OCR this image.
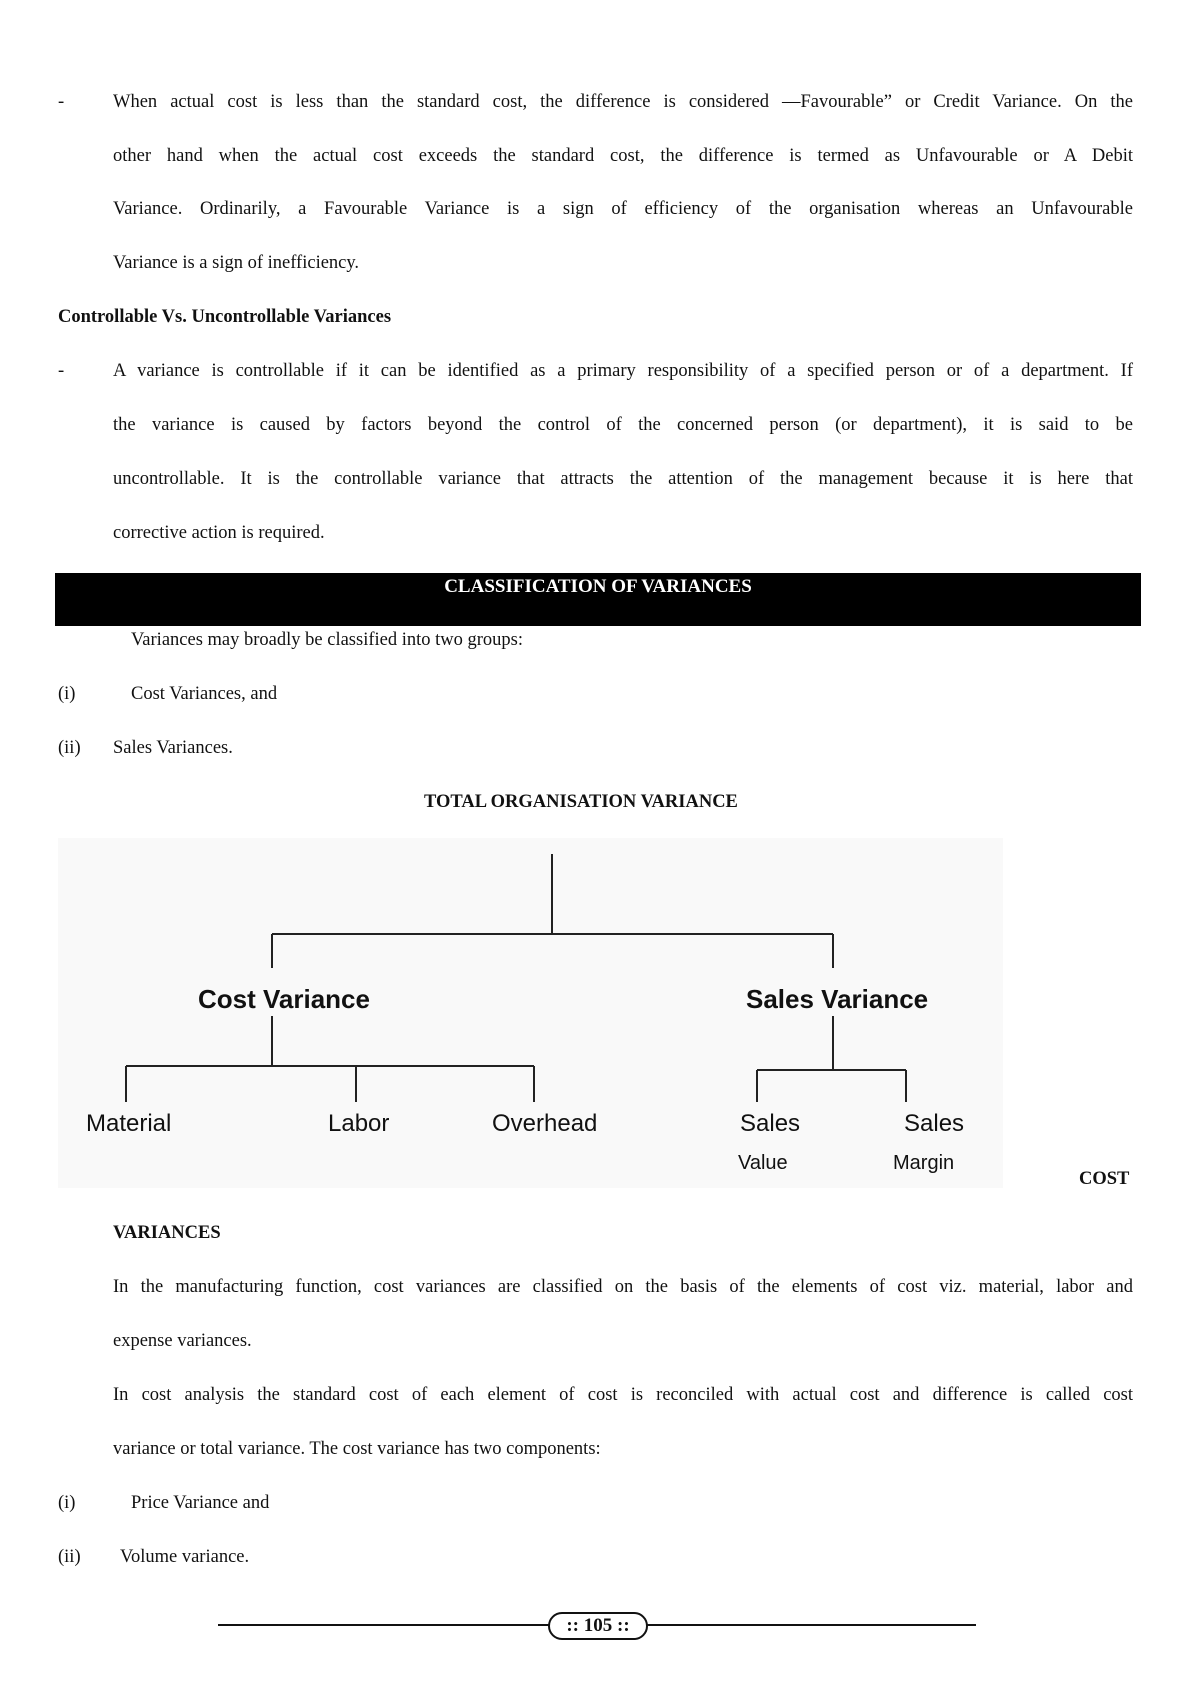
-	When actual cost is less than the standard cost, the difference is considered —Favourable” or Credit Variance. On the
other hand when the actual cost exceeds the standard cost, the difference is termed as Unfavourable or A Debit
Variance. Ordinarily, a Favourable Variance is a sign of efficiency of the organisation whereas an Unfavourable
Variance is a sign of inefficiency.
Controllable Vs. Uncontrollable Variances
-	A variance is controllable if it can be identified as a primary responsibility of a specified person or of a department. If
the variance is caused by factors beyond the control of the concerned person (or department), it is said to be
uncontrollable. It is the controllable variance that attracts the attention of the management because it is here that
corrective action is required.
CLASSIFICATION OF VARIANCES
Variances may broadly be classified into two groups:
(i)	Cost Variances, and
(ii) Sales Variances.
TOTAL ORGANISATION VARIANCE
Cost Variance	Sales Variance
Material	Labor	Overhead	Sales
Value
Sales
Margin
COST
VARIANCES
In the manufacturing function, cost variances are classified on the basis of the elements of cost viz. material, labor and
expense variances.
In cost analysis the standard cost of each element of cost is reconciled with actual cost and difference is called cost
variance or total variance. The cost variance has two components:
(i)	Price Variance and
(ii) Volume variance.
:: 105 ::
